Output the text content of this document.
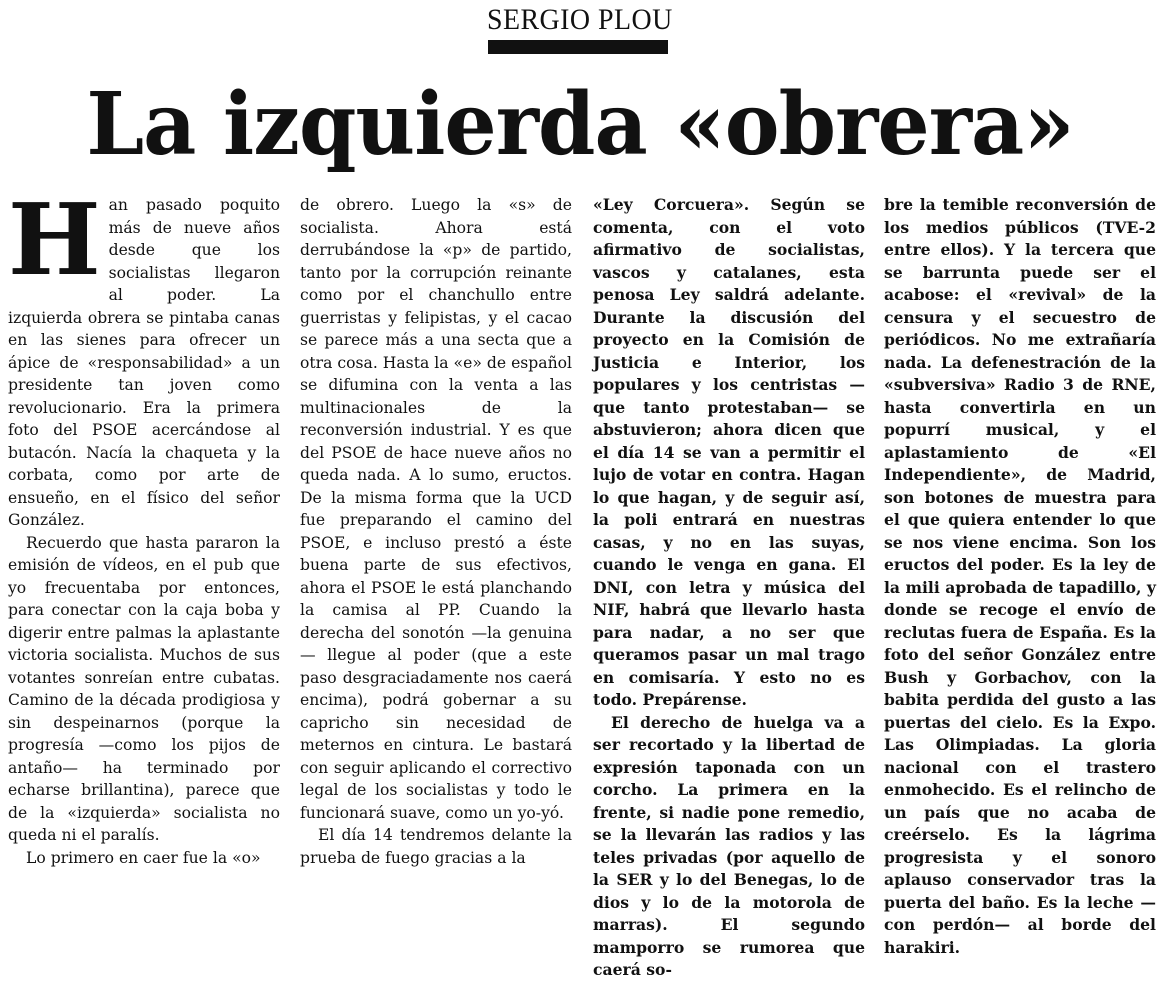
SERGIO PLOU
La izquierda «obrera»

Han pasado poquito más de nueve años desde que los socialistas llegaron al poder. La izquierda obrera se pintaba canas en las sienes para ofrecer un ápice de «responsabilidad» a un presidente tan joven como revolucionario. Era la primera foto del PSOE acercándose al butacón. Nacía la chaqueta y la corbata, como por arte de ensueño, en el físico del señor González.

Recuerdo que hasta pararon la emisión de vídeos, en el pub que yo frecuentaba por entonces, para conectar con la caja boba y digerir entre palmas la aplastante victoria socialista. Muchos de sus votantes sonreían entre cubatas. Camino de la década prodigiosa y sin despeinarnos (porque la progresía —como los pijos de antaño— ha terminado por echarse brillantina), parece que de la «izquierda» socialista no queda ni el paralís.

Lo primero en caer fue la «o»

de obrero. Luego la «s» de socialista. Ahora está derrubándose la «p» de partido, tanto por la corrupción reinante como por el chanchullo entre guerristas y felipistas, y el cacao se parece más a una secta que a otra cosa. Hasta la «e» de español se difumina con la venta a las multinacionales de la reconversión industrial. Y es que del PSOE de hace nueve años no queda nada. A lo sumo, eructos. De la misma forma que la UCD fue preparando el camino del PSOE, e incluso prestó a éste buena parte de sus efectivos, ahora el PSOE le está planchando la camisa al PP. Cuando la derecha del sonotón —la genuina— llegue al poder (que a este paso desgraciadamente nos caerá encima), podrá gobernar a su capricho sin necesidad de meternos en cintura. Le bastará con seguir aplicando el correctivo legal de los socialistas y todo le funcionará suave, como un yo-yó.

El día 14 tendremos delante la prueba de fuego gracias a la

«Ley Corcuera». Según se comenta, con el voto afirmativo de socialistas, vascos y catalanes, esta penosa Ley saldrá adelante. Durante la discusión del proyecto en la Comisión de Justicia e Interior, los populares y los centristas —que tanto protestaban— se abstuvieron; ahora dicen que el día 14 se van a permitir el lujo de votar en contra. Hagan lo que hagan, y de seguir así, la poli entrará en nuestras casas, y no en las suyas, cuando le venga en gana. El DNI, con letra y música del NIF, habrá que llevarlo hasta para nadar, a no ser que queramos pasar un mal trago en comisaría. Y esto no es todo. Prepárense.

El derecho de huelga va a ser recortado y la libertad de expresión taponada con un corcho. La primera en la frente, si nadie pone remedio, se la llevarán las radios y las teles privadas (por aquello de la SER y lo del Benegas, lo de dios y lo de la motorola de marras). El segundo mamporro se rumorea que caerá so-

bre la temible reconversión de los medios públicos (TVE-2 entre ellos). Y la tercera que se barrunta puede ser el acabose: el «revival» de la censura y el secuestro de periódicos. No me extrañaría nada. La defenestración de la «subversiva» Radio 3 de RNE, hasta convertirla en un popurrí musical, y el aplastamiento de «El Independiente», de Madrid, son botones de muestra para el que quiera entender lo que se nos viene encima. Son los eructos del poder. Es la ley de la mili aprobada de tapadillo, y donde se recoge el envío de reclutas fuera de España. Es la foto del señor González entre Bush y Gorbachov, con la babita perdida del gusto a las puertas del cielo. Es la Expo. Las Olimpiadas. La gloria nacional con el trastero enmohecido. Es el relincho de un país que no acaba de creérselo. Es la lágrima progresista y el sonoro aplauso conservador tras la puerta del baño. Es la leche —con perdón— al borde del harakiri.
